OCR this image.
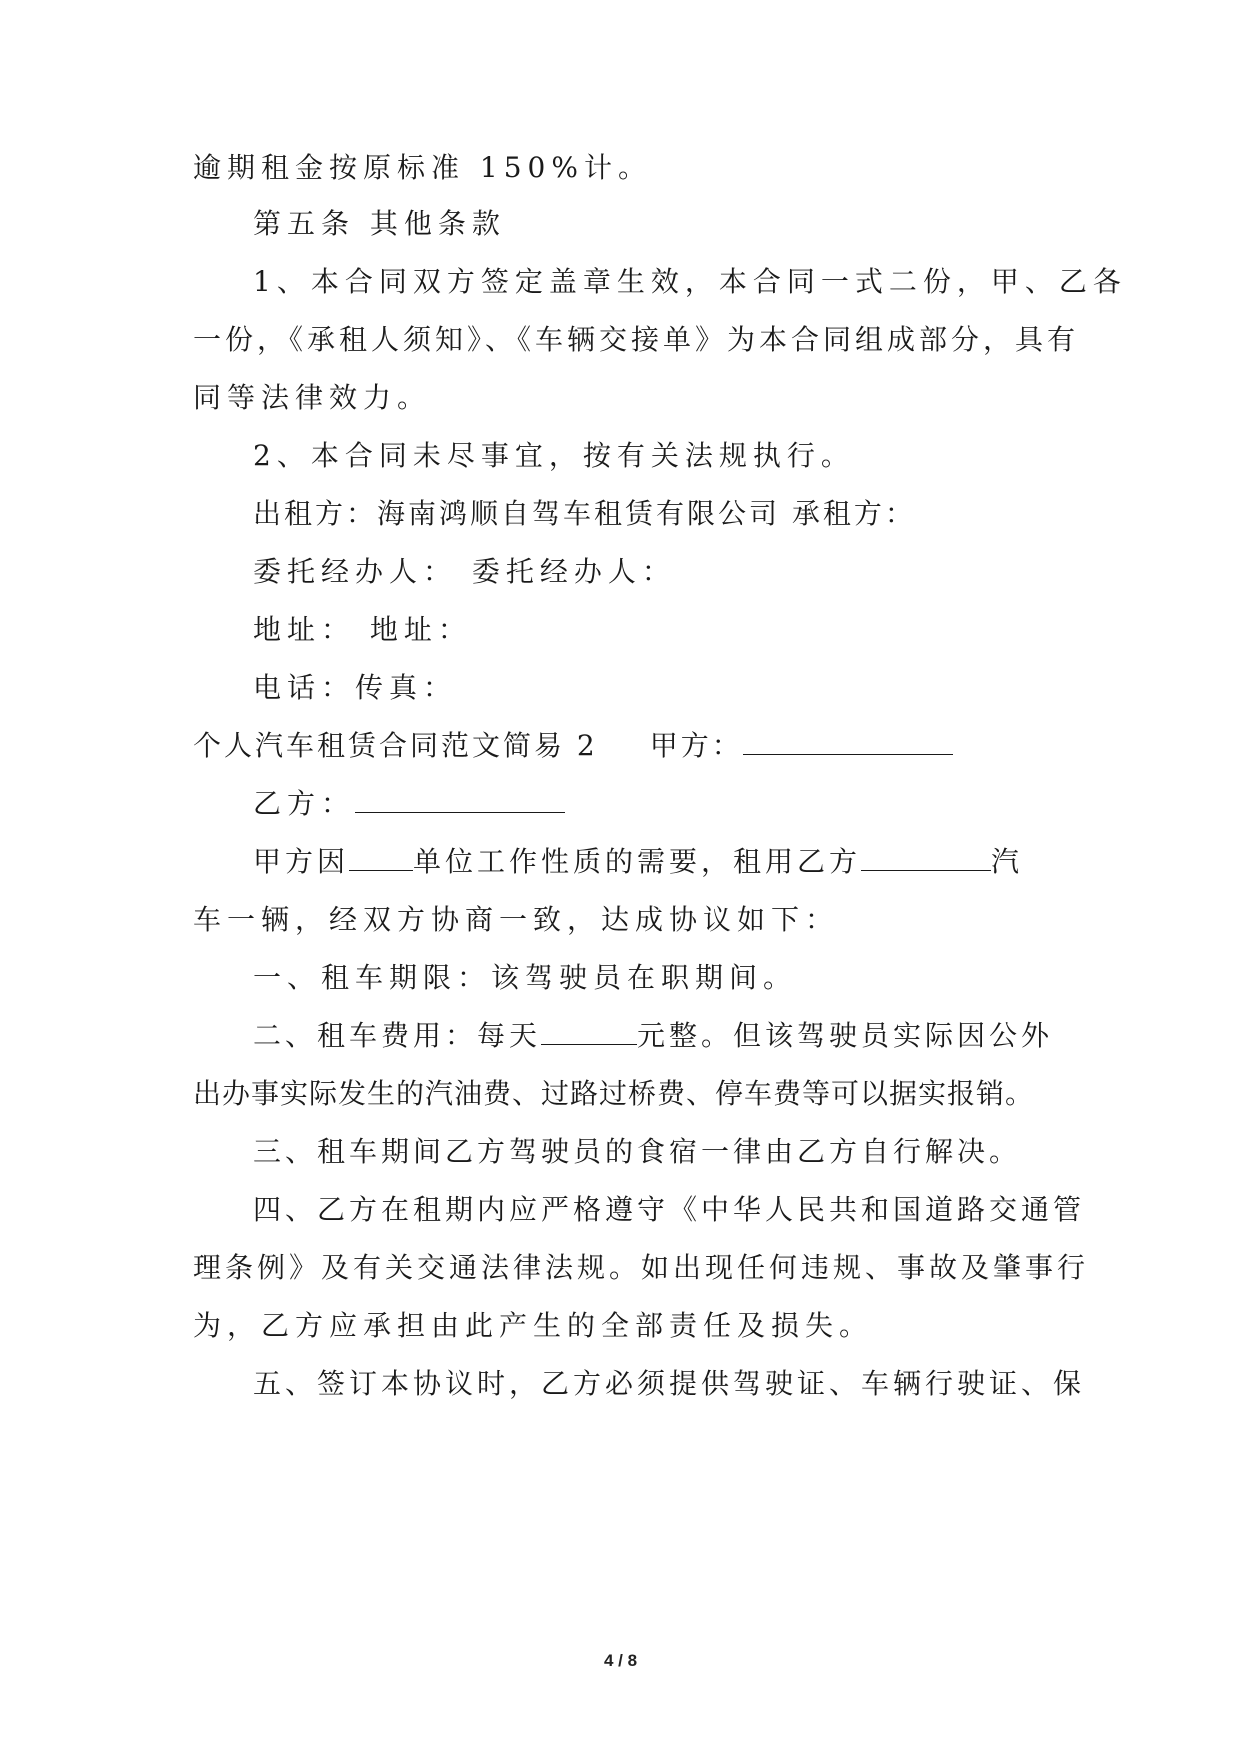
逾期租金按原标准 150%计。
第五条 其他条款
1、本合同双方签定盖章生效，本合同一式二份，甲、乙各
一份，《承租人须知》、《车辆交接单》为本合同组成部分，具有
同等法律效力。
2、本合同未尽事宜，按有关法规执行。
出租方：海南鸿顺自驾车租赁有限公司 承租方：
委托经办人： 委托经办人：
地址： 地址：
电话：传真：
个人汽车租赁合同范文简易 2 甲方：
乙方：
甲方因 单位工作性质的需要，租用乙方	汽
车一辆，经双方协商一致，达成协议如下：
一、租车期限：该驾驶员在职期间。
二、租车费用：每天	元整。但该驾驶员实际因公外
出办事实际发生的汽油费、过路过桥费、停车费等可以据实报销。
三、租车期间乙方驾驶员的食宿一律由乙方自行解决。
四、乙方在租期内应严格遵守《中华人民共和国道路交通管
理条例》及有关交通法律法规。如出现任何违规、事故及肇事行
为，乙方应承担由此产生的全部责任及损失。
五、签订本协议时，乙方必须提供驾驶证、车辆行驶证、保
4 / 8
